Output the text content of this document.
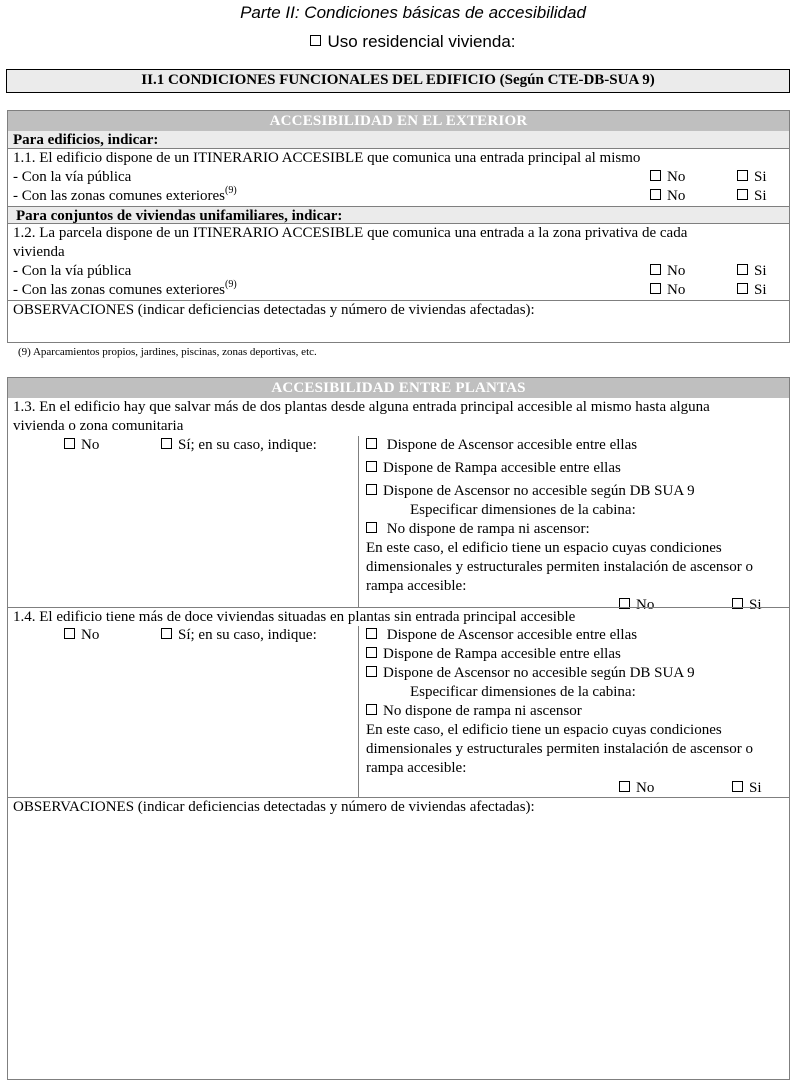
Parte II: Condiciones básicas de accesibilidad
Uso residencial vivienda:
II.1 CONDICIONES FUNCIONALES DEL EDIFICIO (Según CTE-DB-SUA 9)
ACCESIBILIDAD EN EL EXTERIOR
Para edificios, indicar:
1.1. El edificio dispone de un ITINERARIO ACCESIBLE que comunica una entrada principal al mismo
- Con la vía pública	No	Si
- Con las zonas comunes exteriores$^{(9)}$	No	Si
Para conjuntos de viviendas unifamiliares, indicar:
1.2. La parcela dispone de un ITINERARIO ACCESIBLE que comunica una entrada a la zona privativa de cada
vivienda
- Con la vía pública	No	Si
- Con las zonas comunes exteriores$^{(9)}$	No	Si
OBSERVACIONES (indicar deficiencias detectadas y número de viviendas afectadas):
(9) Aparcamientos propios, jardines, piscinas, zonas deportivas, etc.
ACCESIBILIDAD ENTRE PLANTAS
1.3. En el edificio hay que salvar más de dos plantas desde alguna entrada principal accesible al mismo hasta alguna
vivienda o zona comunitaria
No	Sí; en su caso, indique:	Dispone de Ascensor accesible entre ellas
Dispone de Rampa accesible entre ellas
Dispone de Ascensor no accesible según DB SUA 9
Especificar dimensiones de la cabina:
No dispone de rampa ni ascensor:
En este caso, el edificio tiene un espacio cuyas condiciones
dimensionales y estructurales permiten instalación de ascensor o
rampa accesible:
No	Si
1.4. El edificio tiene más de doce viviendas situadas en plantas sin entrada principal accesible
No	Sí; en su caso, indique:	Dispone de Ascensor accesible entre ellas
Dispone de Rampa accesible entre ellas
Dispone de Ascensor no accesible según DB SUA 9
Especificar dimensiones de la cabina:
No dispone de rampa ni ascensor
En este caso, el edificio tiene un espacio cuyas condiciones
dimensionales y estructurales permiten instalación de ascensor o
rampa accesible:
No	Si
OBSERVACIONES (indicar deficiencias detectadas y número de viviendas afectadas):
